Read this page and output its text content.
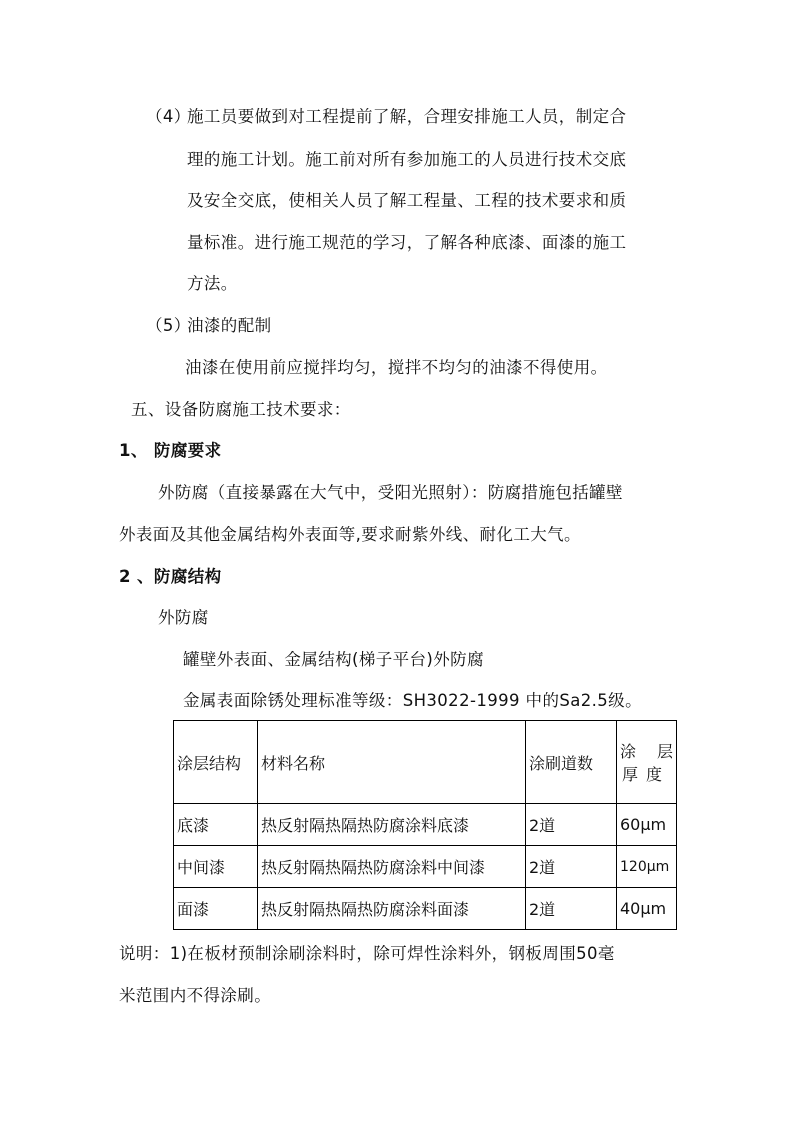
（4）
施工员要做到对工程提前了解，合理安排施工人员，制定合
理的施工计划。施工前对所有参加施工的人员进行技术交底
及安全交底，使相关人员了解工程量、工程的技术要求和质
量标准。进行施工规范的学习，了解各种底漆、面漆的施工
方法。
（5）
油漆的配制
油漆在使用前应搅拌均匀，搅拌不均匀的油漆不得使用。
五、设备防腐施工技术要求：
1、 防腐要求
外防腐（直接暴露在大气中，受阳光照射）：防腐措施包括罐壁
外表面及其他金属结构外表面等,要求耐紫外线、耐化工大气。
2 、防腐结构
外防腐
罐壁外表面、金属结构(梯子平台)外防腐
金属表面除锈处理标准等级：SH3022-1999 中的Sa2.5级。
涂层结构	材料名称	涂刷道数	涂 层
厚度

底漆	热反射隔热隔热防腐涂料底漆	2道	60μm
中间漆	热反射隔热隔热防腐涂料中间漆	2道	120μm
面漆	热反射隔热隔热防腐涂料面漆	2道	40μm
说明：1)在板材预制涂刷涂料时，除可焊性涂料外，钢板周围50毫
米范围内不得涂刷。
